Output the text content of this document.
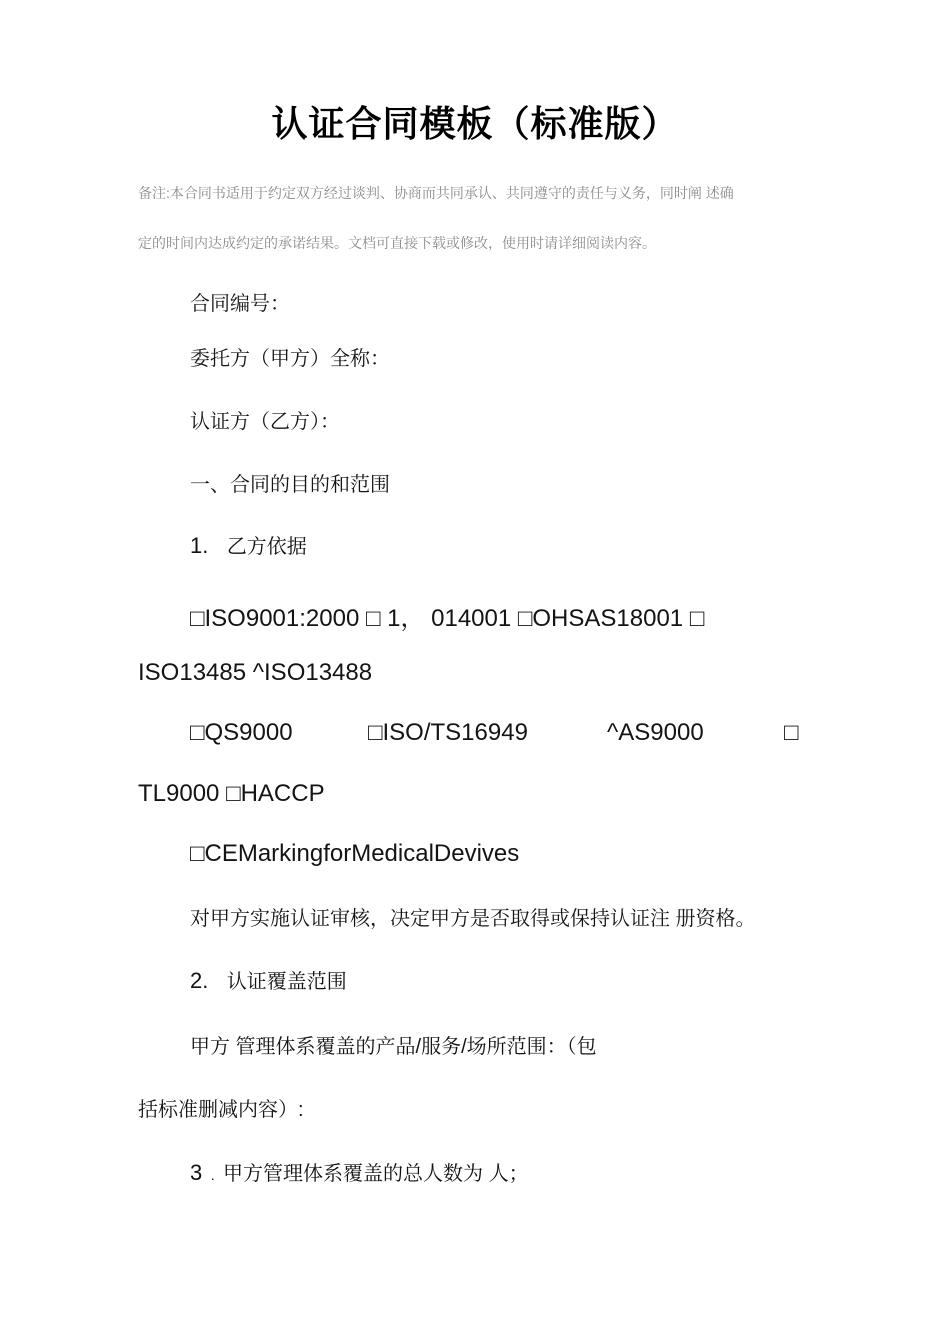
认证合同模板（标准版）

备注:本合同书适用于约定双方经过谈判、协商而共同承认、共同遵守的责任与义务，同时阐 述确

定的时间内达成约定的承诺结果。文档可直接下载或修改，使用时请详细阅读内容。

合同编号：

委托方（甲方）全称：

认证方（乙方）：

一、合同的目的和范围

1. 乙方依据

□ISO9001:2000 □ 1， 014001 □OHSAS18001 □

ISO13485 ^ISO13488

□QS9000	□ISO/TS16949	^AS9000	□

TL9000 □HACCP

□CEMarkingforMedicalDevives

对甲方实施认证审核，决定甲方是否取得或保持认证注 册资格。

2. 认证覆盖范围

甲方 管理体系覆盖的产品/服务/场所范围：（包

括标准删减内容）:

3 . 甲方管理体系覆盖的总人数为 人；
